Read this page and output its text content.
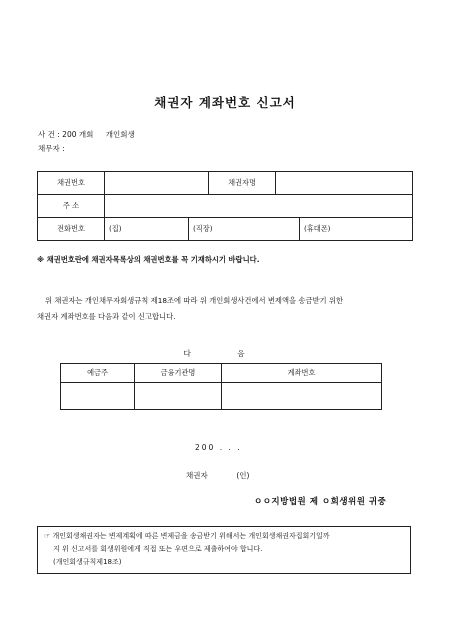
채권자 계좌번호 신고서
사 건 : 200 개회 개인회생
채무자 :
채권번호		채권자명	
주 소			
전화번호	(집) (직장) (휴대폰)		
※ 채권번호란에 채권자목록상의 채권번호를 꼭 기재하시기 바랍니다.
위 채권자는 개인채무자회생규칙 제18조에 따라 위 개인회생사건에서 변제액을 송금받기 위한
채권자 계좌번호를 다음과 같이 신고합니다.
다 음
예금주	금융기관명	계좌번호

200 . . .
채권자            (인)
ㅇㅇ지방법원 제 ㅇ회생위원 귀중
☞ 개인회생채권자는 변제계획에 따른 변제금을 송금받기 위해서는 개인회생채권자집회기일까
지 위 신고서를 회생위원에게 직접 또는 우편으로 제출하여야 합니다.
(개인회생규칙제18조)
